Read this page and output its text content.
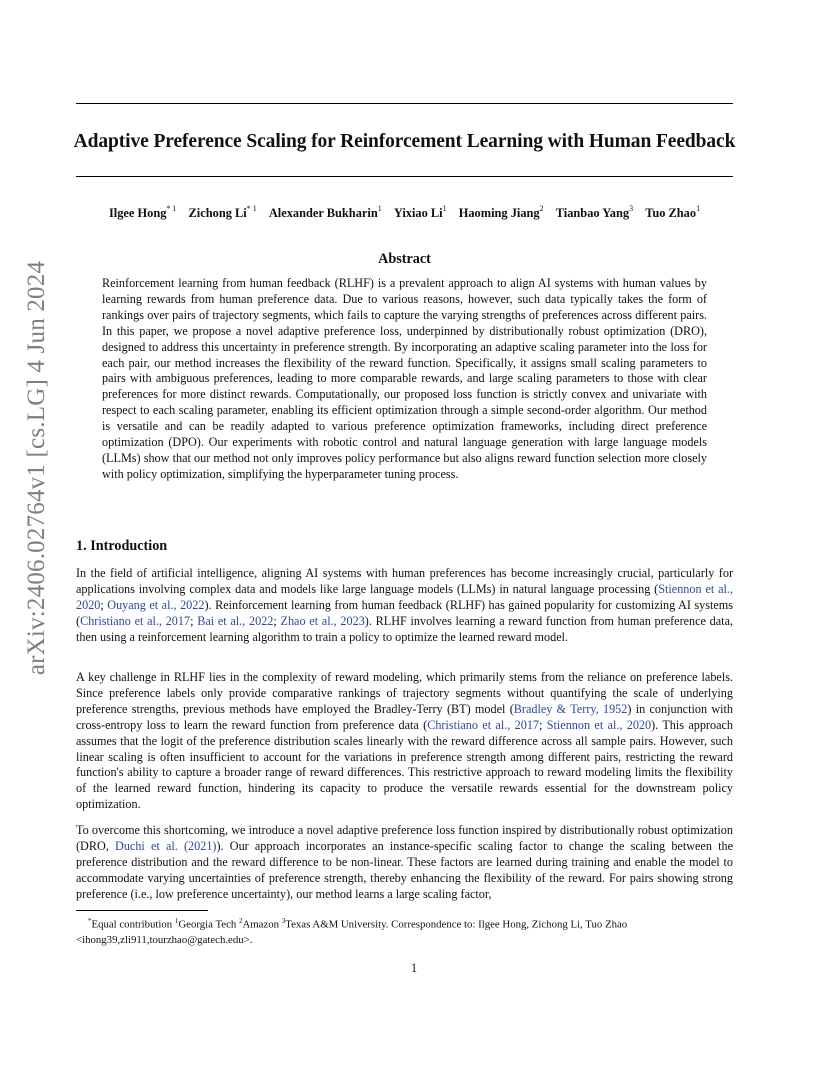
arXiv:2406.02764v1 [cs.LG] 4 Jun 2024
Adaptive Preference Scaling for Reinforcement Learning with Human Feedback
Ilgee Hong$^{* 1}$ Zichong Li$^{* 1}$ Alexander Bukharin$^1$ Yixiao Li$^1$ Haoming Jiang$^2$ Tianbao Yang$^3$ Tuo Zhao$^1$
Abstract

Reinforcement learning from human feedback (RLHF) is a prevalent approach to align AI systems with human values by learning rewards from human preference data. Due to various reasons, however, such data typically takes the form of rankings over pairs of trajectory segments, which fails to capture the varying strengths of preferences across different pairs. In this paper, we propose a novel adaptive preference loss, underpinned by distributionally robust optimization (DRO), designed to address this uncertainty in preference strength. By incorporating an adaptive scaling parameter into the loss for each pair, our method increases the flexibility of the reward function. Specifically, it assigns small scaling parameters to pairs with ambiguous preferences, leading to more comparable rewards, and large scaling parameters to those with clear preferences for more distinct rewards. Computationally, our proposed loss function is strictly convex and univariate with respect to each scaling parameter, enabling its efficient optimization through a simple second-order algorithm. Our method is versatile and can be readily adapted to various preference optimization frameworks, including direct preference optimization (DPO). Our experiments with robotic control and natural language generation with large language models (LLMs) show that our method not only improves policy performance but also aligns reward function selection more closely with policy optimization, simplifying the hyperparameter tuning process.

1. Introduction

In the field of artificial intelligence, aligning AI systems with human preferences has become increasingly crucial, particularly for applications involving complex data and models like large language models (LLMs) in natural language processing (Stiennon et al., 2020; Ouyang et al., 2022). Reinforcement learning from human feedback (RLHF) has gained popularity for customizing AI systems (Christiano et al., 2017; Bai et al., 2022; Zhao et al., 2023). RLHF involves learning a reward function from human preference data, then using a reinforcement learning algorithm to train a policy to optimize the learned reward model.

A key challenge in RLHF lies in the complexity of reward modeling, which primarily stems from the reliance on preference labels. Since preference labels only provide comparative rankings of trajectory segments without quantifying the scale of underlying preference strengths, previous methods have employed the Bradley-Terry (BT) model (Bradley & Terry, 1952) in conjunction with cross-entropy loss to learn the reward function from preference data (Christiano et al., 2017; Stiennon et al., 2020). This approach assumes that the logit of the preference distribution scales linearly with the reward difference across all sample pairs. However, such linear scaling is often insufficient to account for the variations in preference strength among different pairs, restricting the reward function's ability to capture a broader range of reward differences. This restrictive approach to reward modeling limits the flexibility of the learned reward function, hindering its capacity to produce the versatile rewards essential for the downstream policy optimization.

To overcome this shortcoming, we introduce a novel adaptive preference loss function inspired by distributionally robust optimization (DRO, Duchi et al. (2021)). Our approach incorporates an instance-specific scaling factor to change the scaling between the preference distribution and the reward difference to be non-linear. These factors are learned during training and enable the model to accommodate varying uncertainties of preference strength, thereby enhancing the flexibility of the reward. For pairs showing strong preference (i.e., low preference uncertainty), our method learns a large scaling factor,

*Equal contribution $^1$Georgia Tech $^2$Amazon $^3$Texas A&M University. Correspondence to: Ilgee Hong, Zichong Li, Tuo Zhao <ihong39,zli911,tourzhao@gatech.edu>.

1
